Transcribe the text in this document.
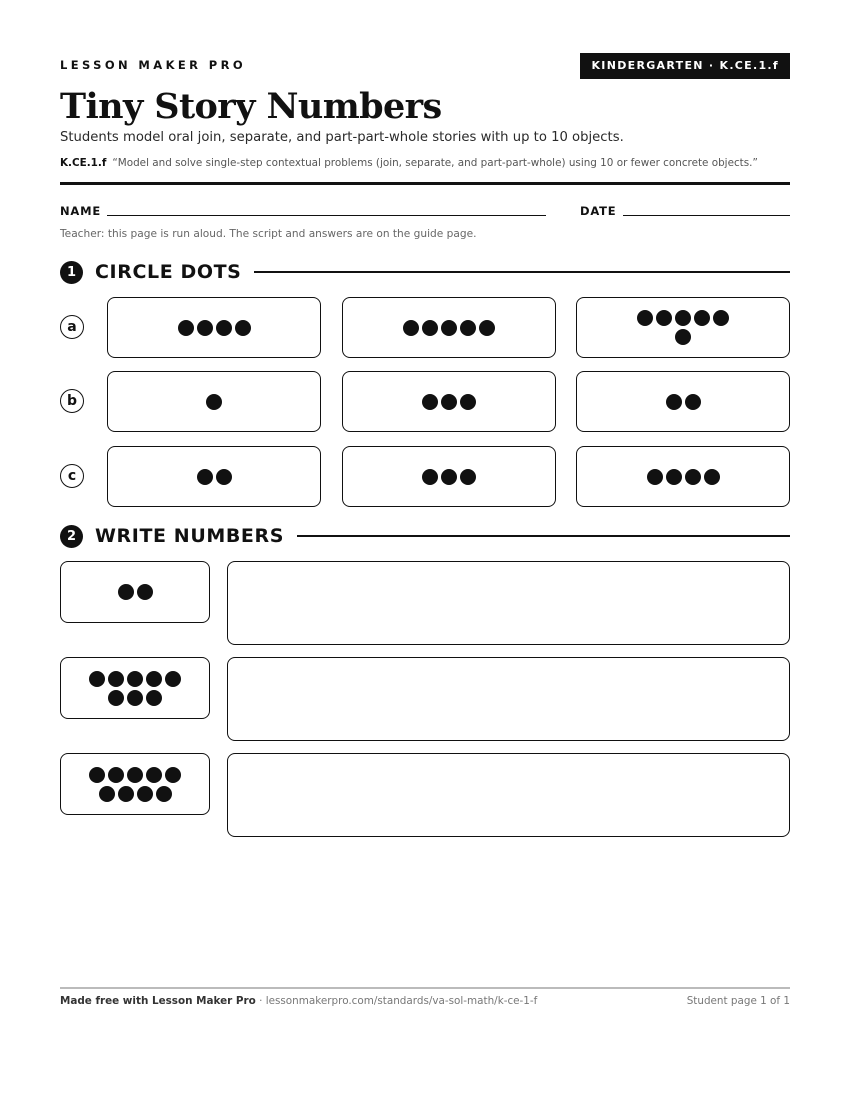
LESSON MAKER PRO	KINDERGARTEN · K.CE.1.f
Tiny Story Numbers
Students model oral join, separate, and part-part-whole stories with up to 10 objects.
K.CE.1.f “Model and solve single-step contextual problems (join, separate, and part-part-whole) using 10 or fewer concrete objects.”
NAME	DATE
Teacher: this page is run aloud. The script and answers are on the guide page.
1 CIRCLE DOTS
a
b
c
2 WRITE NUMBERS
Made free with Lesson Maker Pro · lessonmakerpro.com/standards/va-sol-math/k-ce-1-f	Student page 1 of 1
